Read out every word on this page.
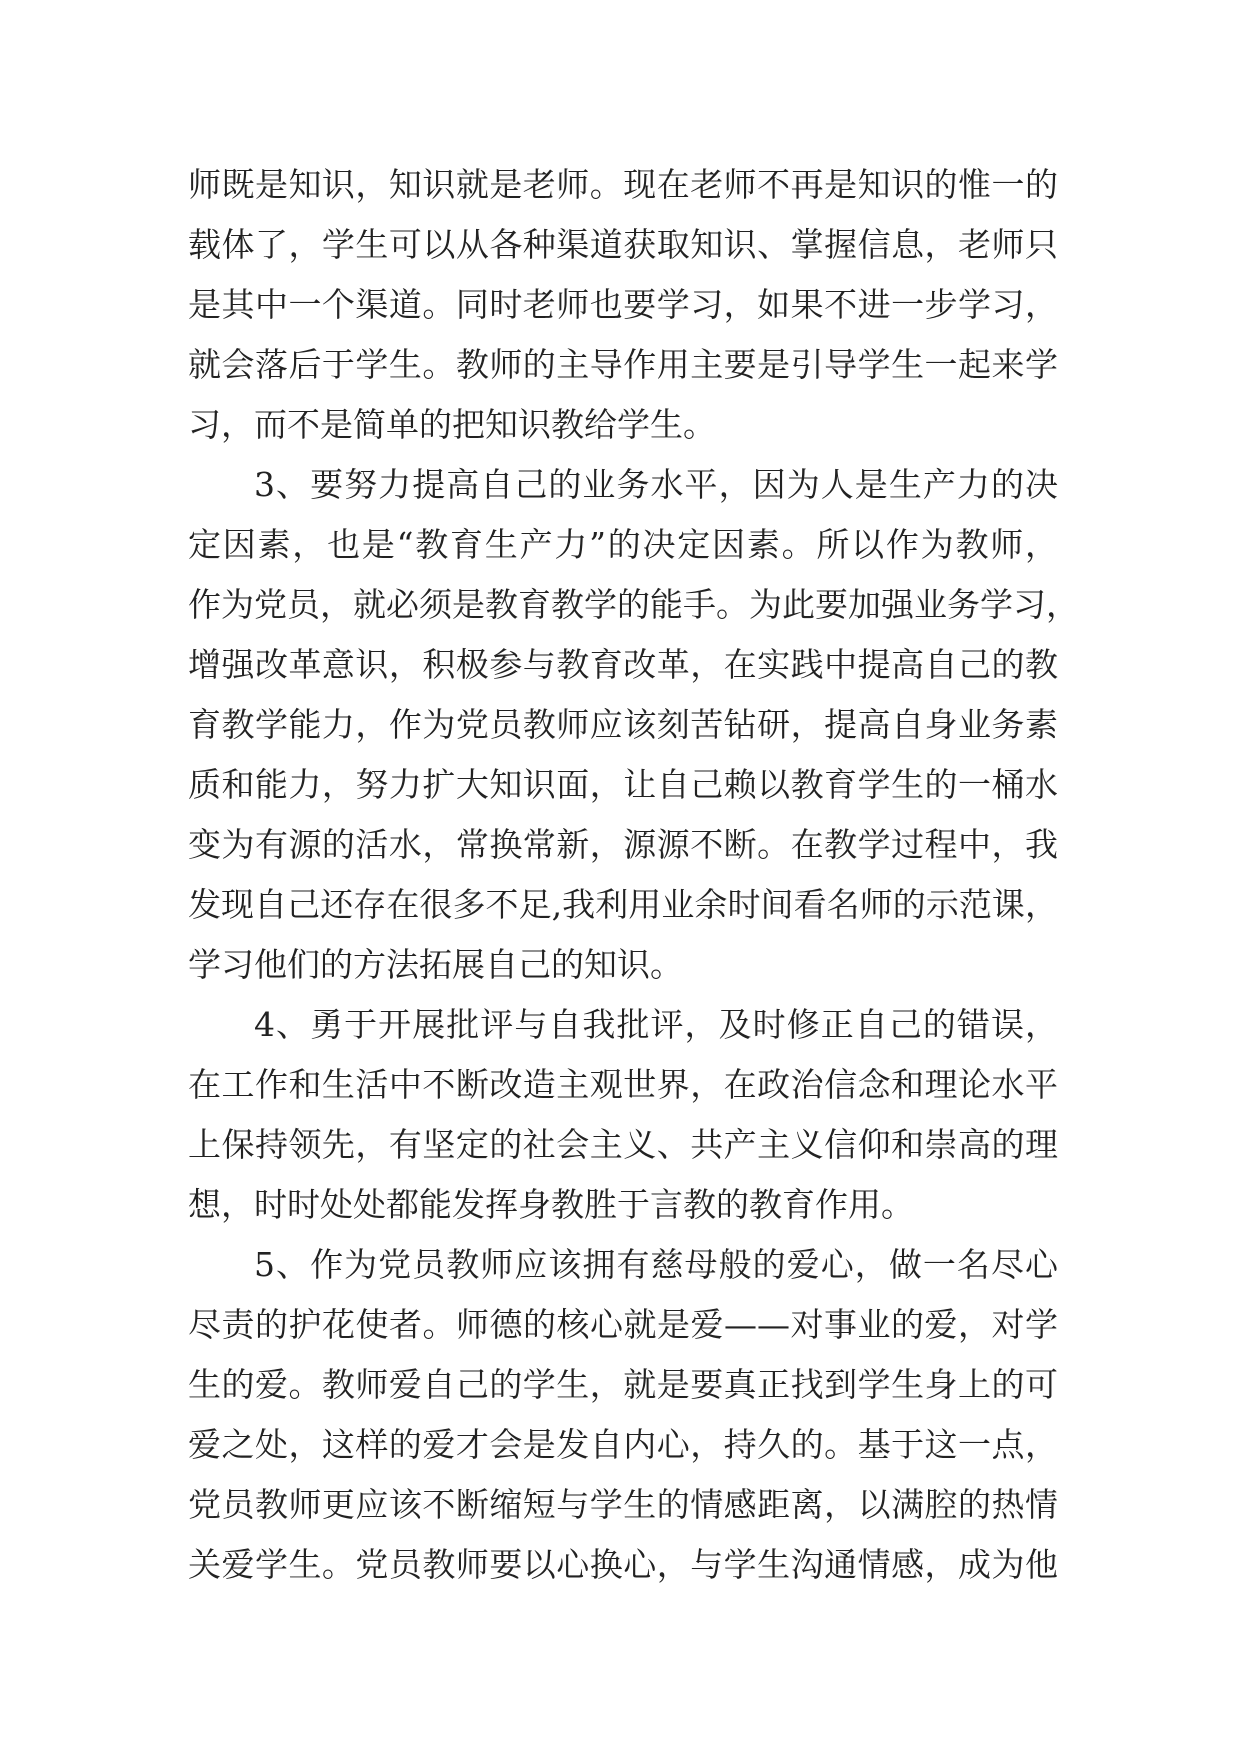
师既是知识，知识就是老师。现在老师不再是知识的惟一的
载体了，学生可以从各种渠道获取知识、掌握信息，老师只
是其中一个渠道。同时老师也要学习，如果不进一步学习，
就会落后于学生。教师的主导作用主要是引导学生一起来学
习，而不是简单的把知识教给学生。
3、要努力提高自己的业务水平，因为人是生产力的决
定因素，也是“教育生产力”的决定因素。所以作为教师，
作为党员，就必须是教育教学的能手。为此要加强业务学习，
增强改革意识，积极参与教育改革，在实践中提高自己的教
育教学能力，作为党员教师应该刻苦钻研，提高自身业务素
质和能力，努力扩大知识面，让自己赖以教育学生的一桶水
变为有源的活水，常换常新，源源不断。在教学过程中，我
发现自己还存在很多不足,我利用业余时间看名师的示范课，
学习他们的方法拓展自己的知识。
4、勇于开展批评与自我批评，及时修正自己的错误，
在工作和生活中不断改造主观世界，在政治信念和理论水平
上保持领先，有坚定的社会主义、共产主义信仰和崇高的理
想，时时处处都能发挥身教胜于言教的教育作用。
5、作为党员教师应该拥有慈母般的爱心，做一名尽心
尽责的护花使者。师德的核心就是爱——对事业的爱，对学
生的爱。教师爱自己的学生，就是要真正找到学生身上的可
爱之处，这样的爱才会是发自内心，持久的。基于这一点，
党员教师更应该不断缩短与学生的情感距离，以满腔的热情
关爱学生。党员教师要以心换心，与学生沟通情感，成为他
